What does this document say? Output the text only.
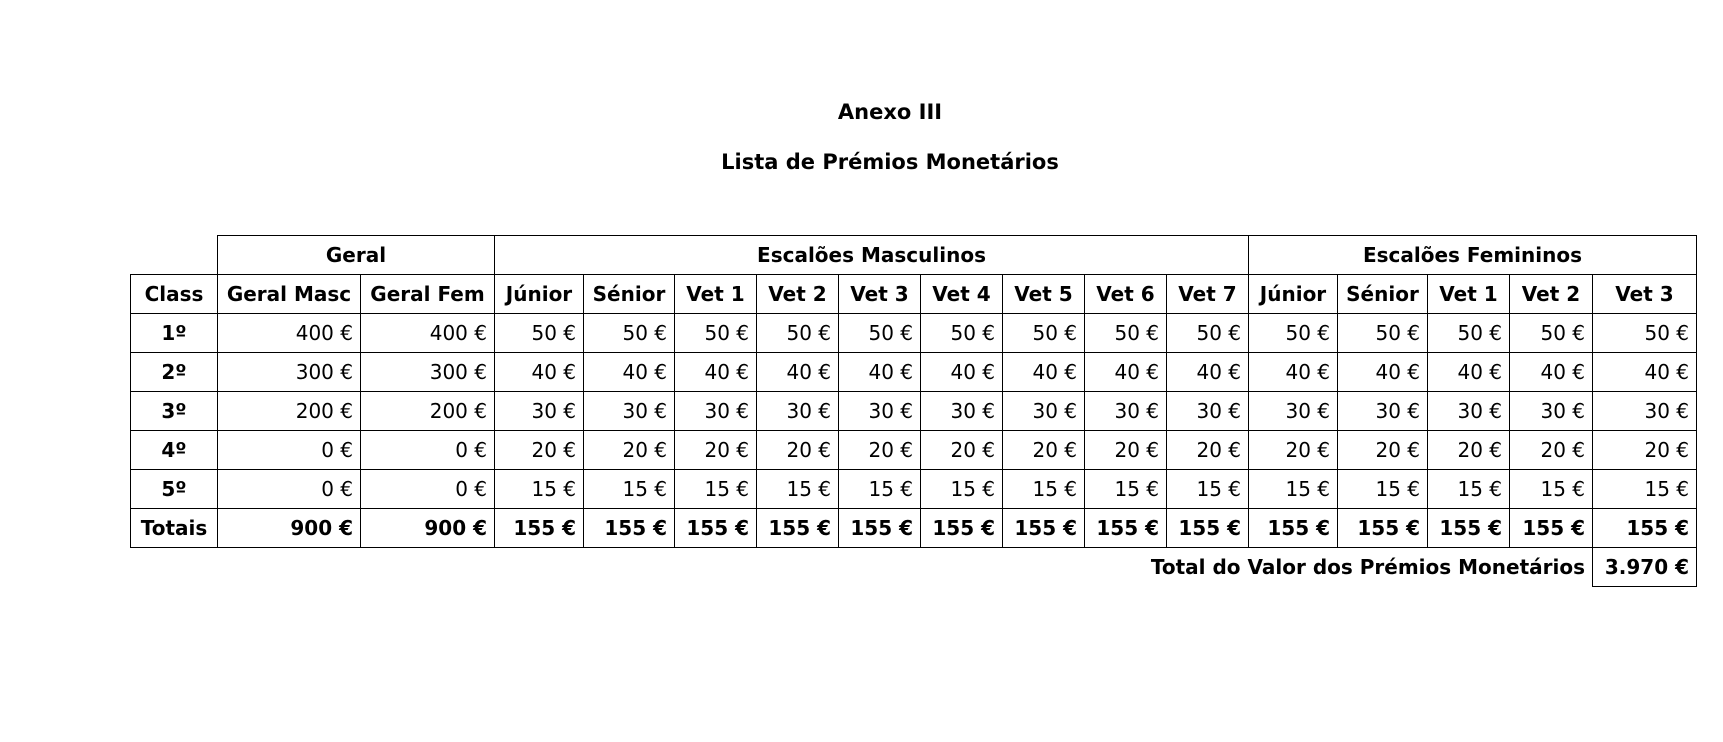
Anexo III
Lista de Prémios Monetários
	Geral		Escalões Masculinos									Escalões Femininos				
Class	Geral Masc	Geral Fem	Júnior	Sénior	Vet 1	Vet 2	Vet 3	Vet 4	Vet 5	Vet 6	Vet 7	Júnior	Sénior	Vet 1	Vet 2	Vet 3
1º	400 €	400 €	50 €	50 €	50 €	50 €	50 €	50 €	50 €	50 €	50 €	50 €	50 €	50 €	50 €	50 €
2º	300 €	300 €	40 €	40 €	40 €	40 €	40 €	40 €	40 €	40 €	40 €	40 €	40 €	40 €	40 €	40 €
3º	200 €	200 €	30 €	30 €	30 €	30 €	30 €	30 €	30 €	30 €	30 €	30 €	30 €	30 €	30 €	30 €
4º	0 €	0 €	20 €	20 €	20 €	20 €	20 €	20 €	20 €	20 €	20 €	20 €	20 €	20 €	20 €	20 €
5º	0 €	0 €	15 €	15 €	15 €	15 €	15 €	15 €	15 €	15 €	15 €	15 €	15 €	15 €	15 €	15 €
Totais	900 €	900 €	155 €	155 €	155 €	155 €	155 €	155 €	155 €	155 €	155 €	155 €	155 €	155 €	155 €	155 €
Total do Valor dos Prémios Monetários																3.970 €
